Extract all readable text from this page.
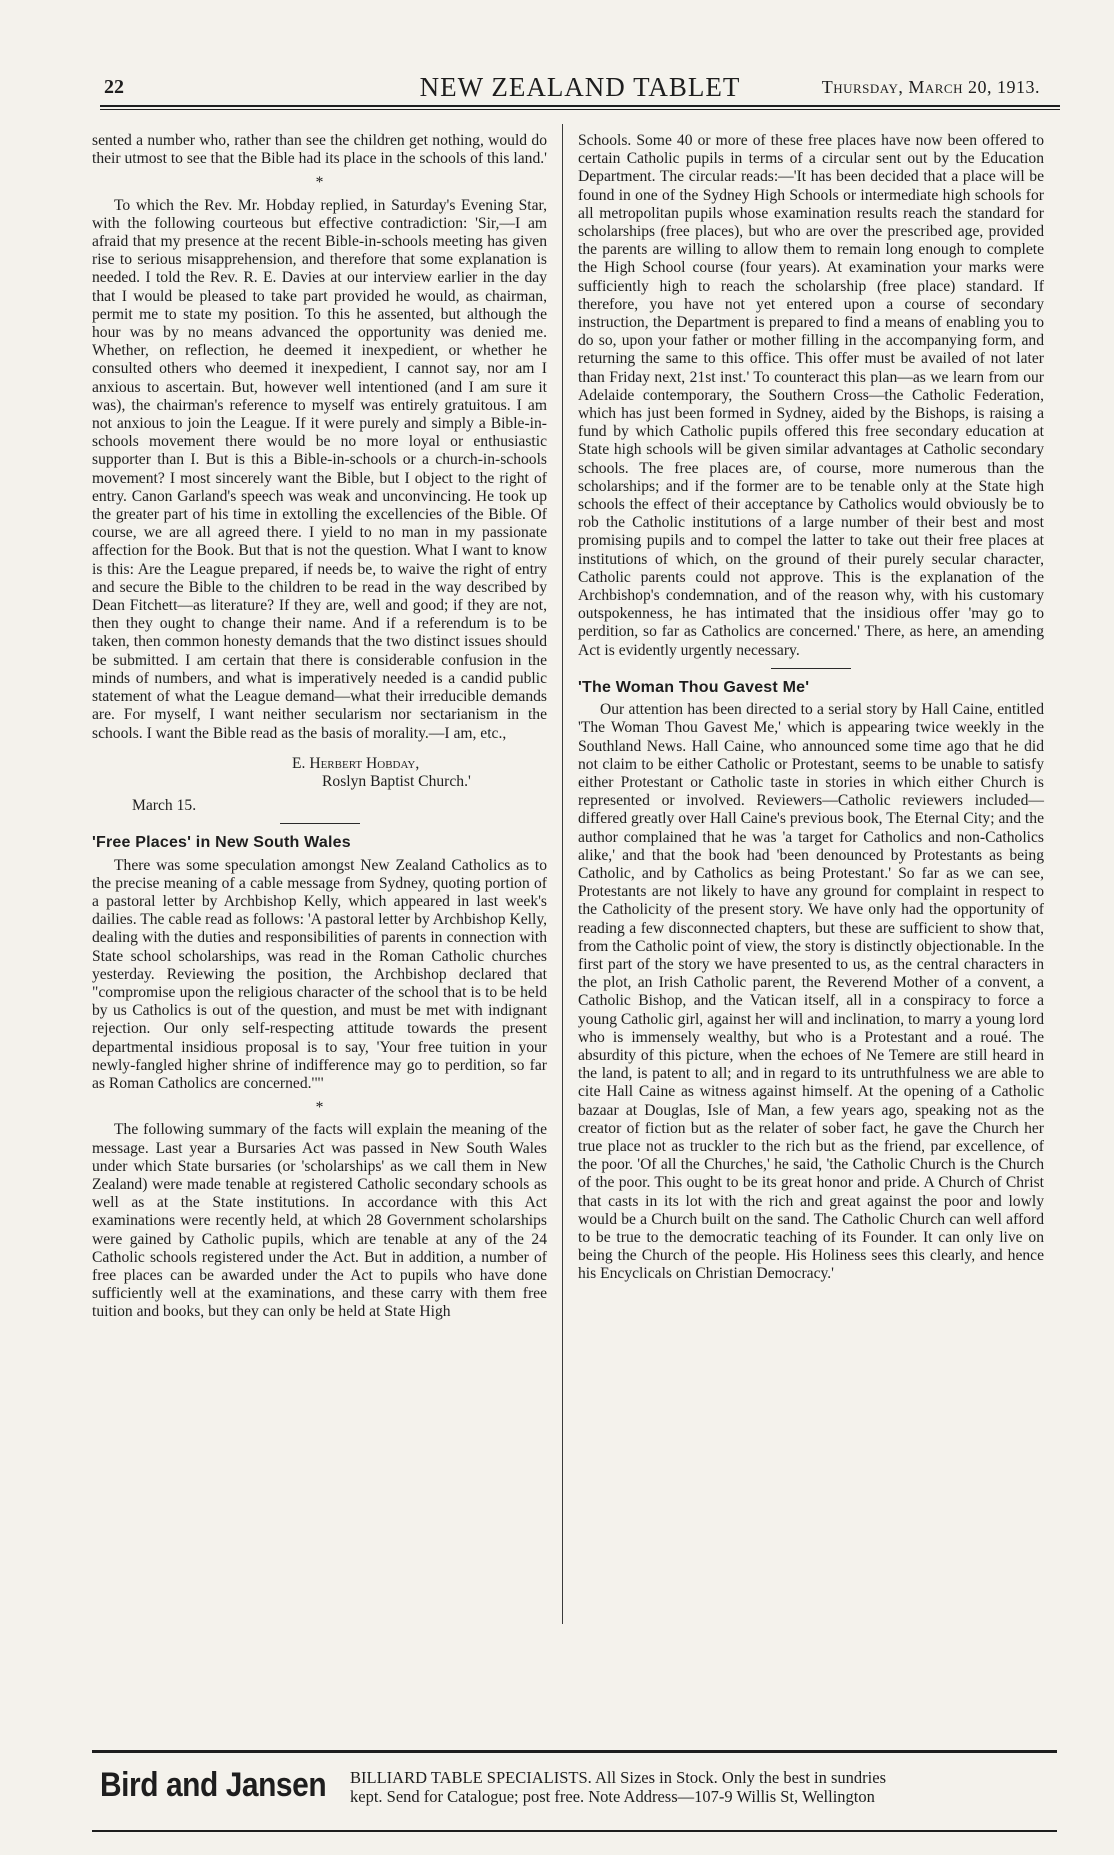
22	NEW ZEALAND TABLET	Thursday, March 20, 1913.

sented a number who, rather than see the children get nothing, would do their utmost to see that the Bible had its place in the schools of this land.'

*

To which the Rev. Mr. Hobday replied, in Saturday's Evening Star, with the following courteous but effective contradiction: 'Sir,—I am afraid that my presence at the recent Bible-in-schools meeting has given rise to serious misapprehension, and therefore that some explanation is needed. I told the Rev. R. E. Davies at our interview earlier in the day that I would be pleased to take part provided he would, as chairman, permit me to state my position. To this he assented, but although the hour was by no means advanced the opportunity was denied me. Whether, on reflection, he deemed it inexpedient, or whether he consulted others who deemed it inexpedient, I cannot say, nor am I anxious to ascertain. But, however well intentioned (and I am sure it was), the chairman's reference to myself was entirely gratuitous. I am not anxious to join the League. If it were purely and simply a Bible-in-schools movement there would be no more loyal or enthusiastic supporter than I. But is this a Bible-in-schools or a church-in-schools movement? I most sincerely want the Bible, but I object to the right of entry. Canon Garland's speech was weak and unconvincing. He took up the greater part of his time in extolling the excellencies of the Bible. Of course, we are all agreed there. I yield to no man in my passionate affection for the Book. But that is not the question. What I want to know is this: Are the League prepared, if needs be, to waive the right of entry and secure the Bible to the children to be read in the way described by Dean Fitchett—as literature? If they are, well and good; if they are not, then they ought to change their name. And if a referendum is to be taken, then common honesty demands that the two distinct issues should be submitted. I am certain that there is considerable confusion in the minds of numbers, and what is imperatively needed is a candid public statement of what the League demand—what their irreducible demands are. For myself, I want neither secularism nor sectarianism in the schools. I want the Bible read as the basis of morality.—I am, etc.,

E. Herbert Hobday,

Roslyn Baptist Church.'

March 15.

'Free Places' in New South Wales

There was some speculation amongst New Zealand Catholics as to the precise meaning of a cable message from Sydney, quoting portion of a pastoral letter by Archbishop Kelly, which appeared in last week's dailies. The cable read as follows: 'A pastoral letter by Archbishop Kelly, dealing with the duties and responsibilities of parents in connection with State school scholarships, was read in the Roman Catholic churches yesterday. Reviewing the position, the Archbishop declared that "compromise upon the religious character of the school that is to be held by us Catholics is out of the question, and must be met with indignant rejection. Our only self-respecting attitude towards the present departmental insidious proposal is to say, 'Your free tuition in your newly-fangled higher shrine of indifference may go to perdition, so far as Roman Catholics are concerned.'"'

*

The following summary of the facts will explain the meaning of the message. Last year a Bursaries Act was passed in New South Wales under which State bursaries (or 'scholarships' as we call them in New Zealand) were made tenable at registered Catholic secondary schools as well as at the State institutions. In accordance with this Act examinations were recently held, at which 28 Government scholarships were gained by Catholic pupils, which are tenable at any of the 24 Catholic schools registered under the Act. But in addition, a number of free places can be awarded under the Act to pupils who have done sufficiently well at the examinations, and these carry with them free tuition and books, but they can only be held at State High

Schools. Some 40 or more of these free places have now been offered to certain Catholic pupils in terms of a circular sent out by the Education Department. The circular reads:—'It has been decided that a place will be found in one of the Sydney High Schools or intermediate high schools for all metropolitan pupils whose examination results reach the standard for scholarships (free places), but who are over the prescribed age, provided the parents are willing to allow them to remain long enough to complete the High School course (four years). At examination your marks were sufficiently high to reach the scholarship (free place) standard. If therefore, you have not yet entered upon a course of secondary instruction, the Department is prepared to find a means of enabling you to do so, upon your father or mother filling in the accompanying form, and returning the same to this office. This offer must be availed of not later than Friday next, 21st inst.' To counteract this plan—as we learn from our Adelaide contemporary, the Southern Cross—the Catholic Federation, which has just been formed in Sydney, aided by the Bishops, is raising a fund by which Catholic pupils offered this free secondary education at State high schools will be given similar advantages at Catholic secondary schools. The free places are, of course, more numerous than the scholarships; and if the former are to be tenable only at the State high schools the effect of their acceptance by Catholics would obviously be to rob the Catholic institutions of a large number of their best and most promising pupils and to compel the latter to take out their free places at institutions of which, on the ground of their purely secular character, Catholic parents could not approve. This is the explanation of the Archbishop's condemnation, and of the reason why, with his customary outspokenness, he has intimated that the insidious offer 'may go to perdition, so far as Catholics are concerned.' There, as here, an amending Act is evidently urgently necessary.

'The Woman Thou Gavest Me'

Our attention has been directed to a serial story by Hall Caine, entitled 'The Woman Thou Gavest Me,' which is appearing twice weekly in the Southland News. Hall Caine, who announced some time ago that he did not claim to be either Catholic or Protestant, seems to be unable to satisfy either Protestant or Catholic taste in stories in which either Church is represented or involved. Reviewers—Catholic reviewers included—differed greatly over Hall Caine's previous book, The Eternal City; and the author complained that he was 'a target for Catholics and non-Catholics alike,' and that the book had 'been denounced by Protestants as being Catholic, and by Catholics as being Protestant.' So far as we can see, Protestants are not likely to have any ground for complaint in respect to the Catholicity of the present story. We have only had the opportunity of reading a few disconnected chapters, but these are sufficient to show that, from the Catholic point of view, the story is distinctly objectionable. In the first part of the story we have presented to us, as the central characters in the plot, an Irish Catholic parent, the Reverend Mother of a convent, a Catholic Bishop, and the Vatican itself, all in a conspiracy to force a young Catholic girl, against her will and inclination, to marry a young lord who is immensely wealthy, but who is a Protestant and a roué. The absurdity of this picture, when the echoes of Ne Temere are still heard in the land, is patent to all; and in regard to its untruthfulness we are able to cite Hall Caine as witness against himself. At the opening of a Catholic bazaar at Douglas, Isle of Man, a few years ago, speaking not as the creator of fiction but as the relater of sober fact, he gave the Church her true place not as truckler to the rich but as the friend, par excellence, of the poor. 'Of all the Churches,' he said, 'the Catholic Church is the Church of the poor. This ought to be its great honor and pride. A Church of Christ that casts in its lot with the rich and great against the poor and lowly would be a Church built on the sand. The Catholic Church can well afford to be true to the democratic teaching of its Founder. It can only live on being the Church of the people. His Holiness sees this clearly, and hence his Encyclicals on Christian Democracy.'

Bird and Jansen BILLIARD TABLE SPECIALISTS. All Sizes in Stock. Only the best in sundries
kept. Send for Catalogue; post free. Note Address—107-9 Willis St, Wellington
